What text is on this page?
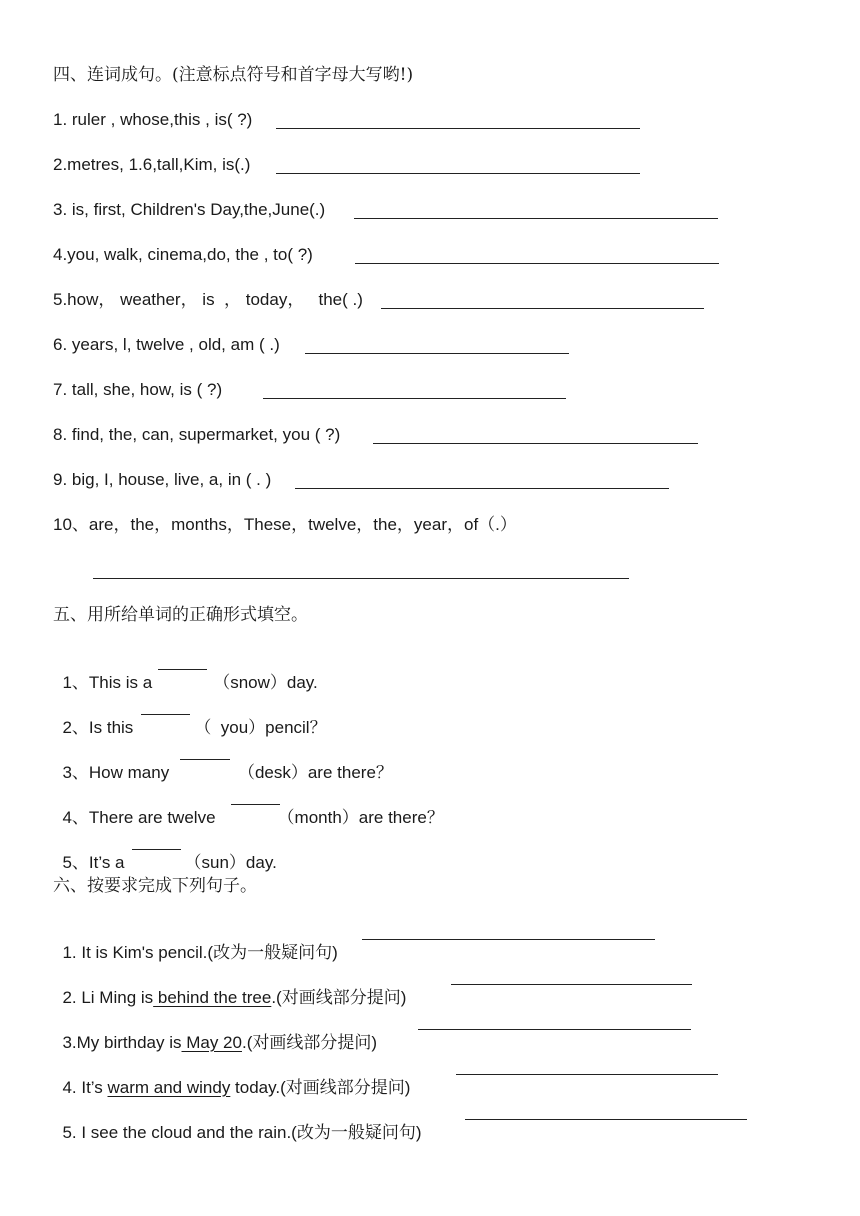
四、连词成句。(注意标点符号和首字母大写哟!)
1. ruler , whose,this , is( ?)
2.metres, 1.6,tall,Kim, is(.)
3. is, first, Children's Day,the,June(.)
4.you, walk, cinema,do, the , to( ?)
5.how， weather， is  ， today，   the( .)
6. years, l, twelve , old, am ( .)
7. tall, she, how, is ( ?)
8. find, the, can, supermarket, you ( ?)
9. big, I, house, live, a, in ( . )
10、are，the，months，These，twelve，the，year，of（.）
五、用所给单词的正确形式填空。

1、This is a	（snow）day.

2、Is this	（  you）pencil？

3、How many	（desk）are there？

4、There are twelve	（month）are there？

5、It’s a	（sun）day.

六、按要求完成下列句子。

1. It is Kim's pencil.(改为一般疑问句)

2. Li Ming is behind the tree.(对画线部分提问)

3.My birthday is May 20.(对画线部分提问)

4. It’s warm and windy today.(对画线部分提问)

5. I see the cloud and the rain.(改为一般疑问句)
